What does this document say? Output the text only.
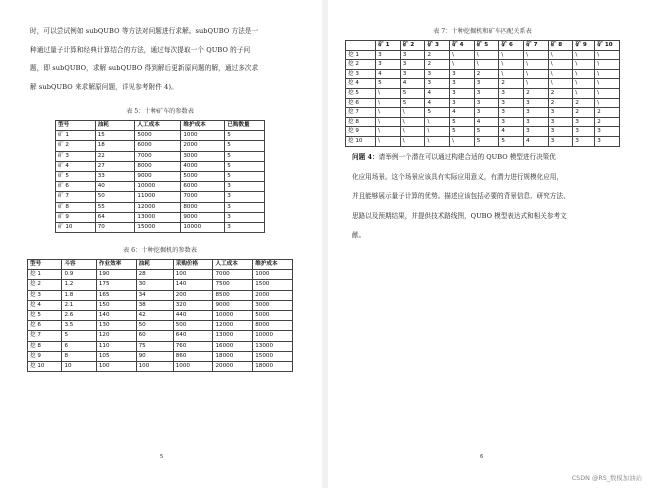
时，可以尝试例如 subQUBO 等方法对问题进行求解。subQUBO 方法是一
种通过量子计算和经典计算结合的方法，通过每次提取一个 QUBO 的子问
题，即 subQUBO，求解 subQUBO 得到解后更新原问题的解，通过多次求
解 subQUBO 来求解原问题，详见参考附件 4)。
表 5：十种矿车的参数表
型号	油耗	人工成本	维护成本	已购数量
矿 1	15	5000	1000	5
矿 2	18	6000	2000	5
矿 3	22	7000	3000	5
矿 4	27	8000	4000	5
矿 5	33	9000	5000	5
矿 6	40	10000	6000	3
矿 7	50	11000	7000	3
矿 8	55	12000	8000	3
矿 9	64	13000	9000	3
矿 10	70	15000	10000	3
表 6：十种挖掘机的参数表
型号	斗容	作业效率	油耗	采购价格	人工成本	维护成本
挖 1	0.9	190	28	100	7000	1000
挖 2	1.2	175	30	140	7500	1500
挖 3	1.8	165	34	200	8500	2000
挖 4	2.1	150	38	320	9000	3000
挖 5	2.6	140	42	440	10000	5000
挖 6	3.5	130	50	500	12000	8000
挖 7	5	120	60	640	13000	10000
挖 8	6	110	75	760	16000	13000
挖 9	8	105	90	860	18000	15000
挖 10	10	100	100	1000	20000	18000
5
表 7：十种挖掘机和矿车匹配关系表
	矿 1	矿 2	矿 3	矿 4	矿 5	矿 6	矿 7	矿 8	矿 9	矿 10
挖 1	3	3	2	\	\	\	\	\	\	\
挖 2	3	3	2	\	\	\	\	\	\	\
挖 3	4	3	3	3	2	\	\	\	\	\
挖 4	5	4	3	3	3	2	\	\	\	\
挖 5	\	5	4	3	3	3	2	2	\	\
挖 6	\	5	4	3	3	3	3	2	2	\
挖 7	\	\	5	4	3	3	3	3	2	2
挖 8	\	\	\	5	4	3	3	3	3	2
挖 9	\	\	\	5	5	4	3	3	3	3
挖 10	\	\	\	\	5	5	4	3	3	3
问题 4：请举例一个潜在可以通过构建合适的 QUBO 模型进行决策优
化应用场景。这个场景应该具有实际应用意义，有潜力进行规模化应用，
并且能够展示量子计算的优势。描述应该包括必要的背景信息、研究方法、
思路以及预期结果，并提供技术路线图，QUBO 模型表达式和相关参考文
献。
6
CSDN @RS_数模加油站
